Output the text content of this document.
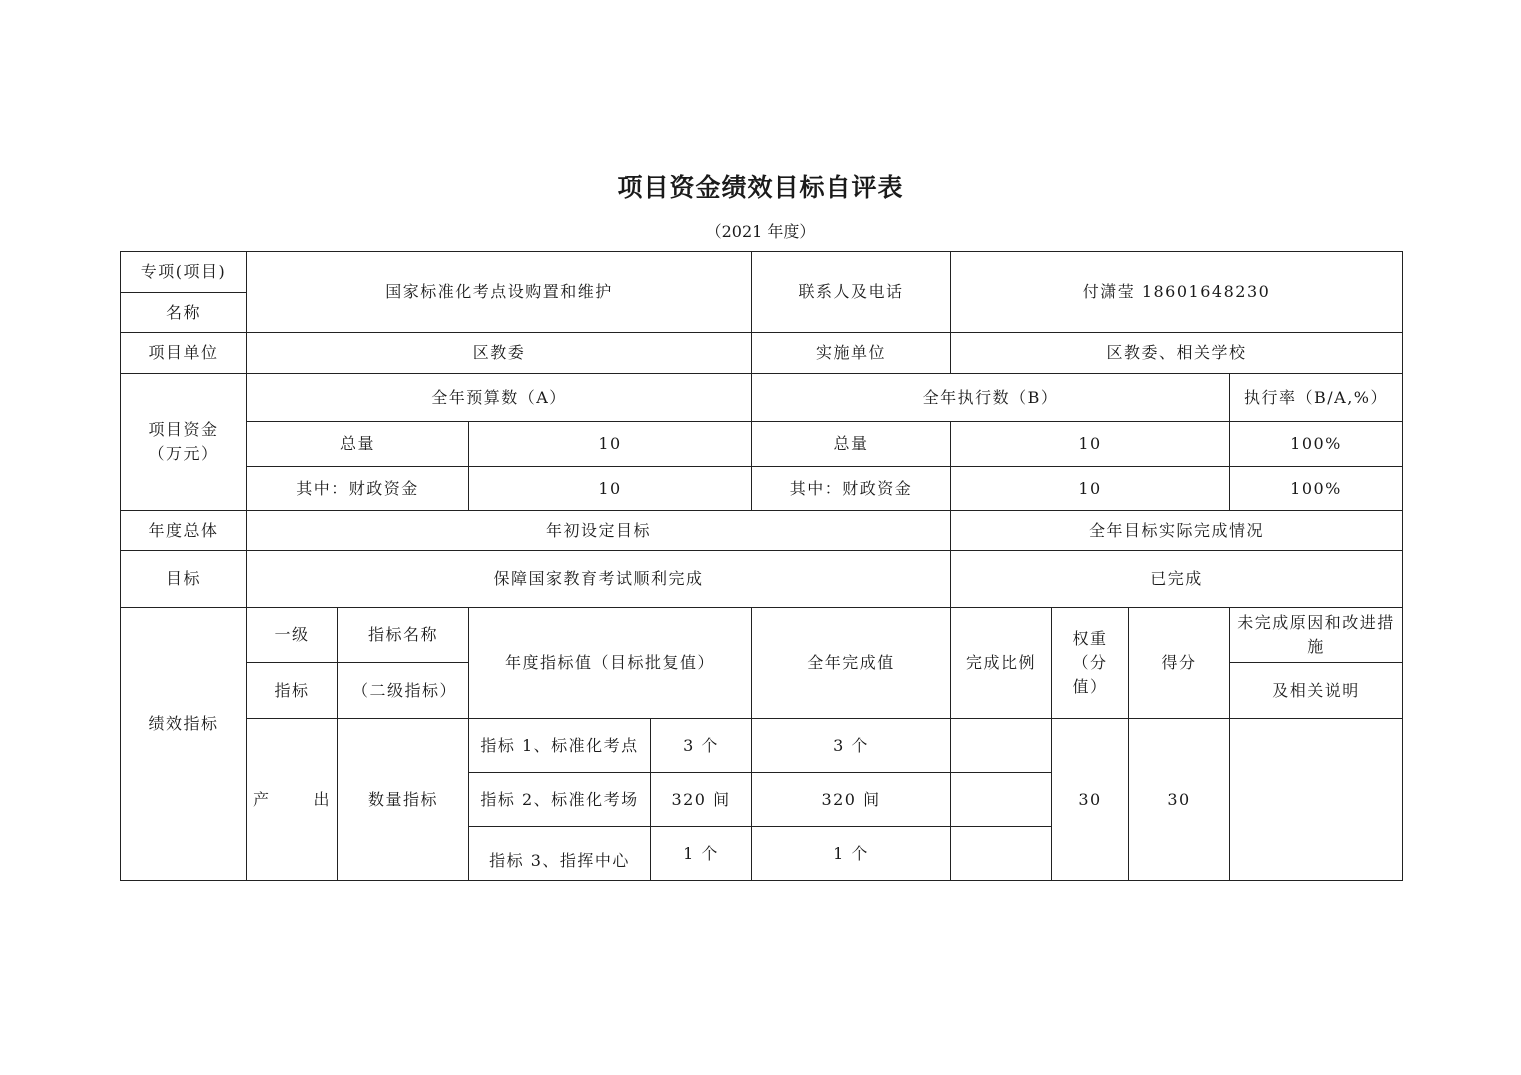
项目资金绩效目标自评表
（2021 年度）
专项(项目)	国家标准化考点设购置和维护				联系人及电话	付潇莹 18601648230			
名称									
项目单位	区教委				实施单位	区教委、相关学校			
项目资金（万元）	全年预算数（A）				全年执行数（B）				执行率（B/A,%）
	总量		10		总量	10			100%
	其中：财政资金		10		其中：财政资金	10			100%
年度总体	年初设定目标					全年目标实际完成情况			
目标	保障国家教育考试顺利完成					已完成			
绩效指标	一级	指标名称	年度指标值（目标批复值）		全年完成值	完成比例	权重（分值）	得分	未完成原因和改进措施
	指标	（二级指标）							及相关说明
	产　　出	数量指标	指标 1、标准化考点	3 个	3 个		30	30	
			指标 2、标准化考场	320 间	320 间				
			指标 3、指挥中心	1 个	1 个				
